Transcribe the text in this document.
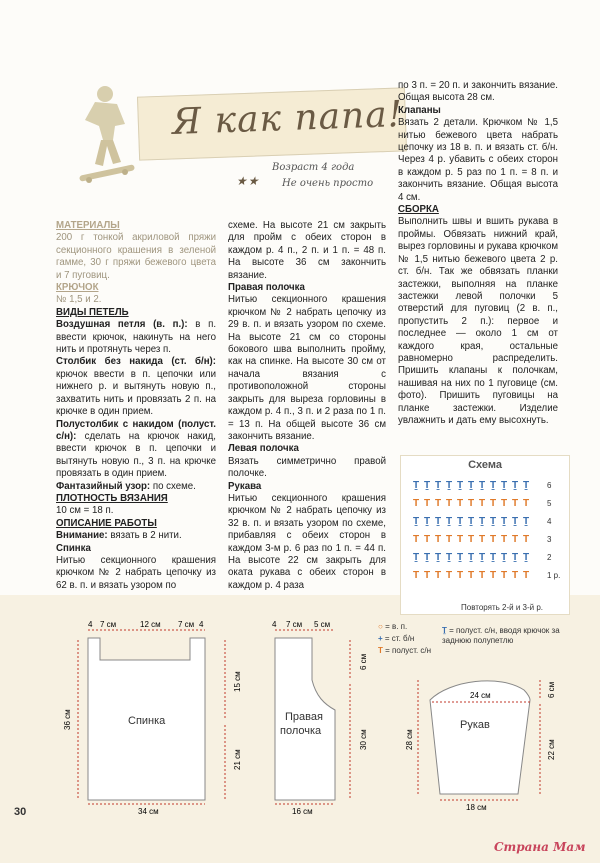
Я как папа!
Возраст 4 года
★★ Не очень просто
МАТЕРИАЛЫ
200 г тонкой акриловой пряжи секционного крашения в зеленой гамме, 30 г пряжи бежевого цвета и 7 пуговиц.
КРЮЧОК
№ 1,5 и 2.
ВИДЫ ПЕТЕЛЬ
Воздушная петля (в. п.): в п. ввести крючок, накинуть на него нить и протянуть через п.
Столбик без накида (ст. б/н): крючок ввести в п. цепочки или нижнего р. и вытянуть новую п., захватить нить и провязать 2 п. на крючке в один прием.
Полустолбик с накидом (полуст. с/н): сделать на крючок накид, ввести крючок в п. цепочки и вытянуть новую п., 3 п. на крючке провязать в один прием.
Фантазийный узор: по схеме.
ПЛОТНОСТЬ ВЯЗАНИЯ
10 см = 18 п.
ОПИСАНИЕ РАБОТЫ
Внимание: вязать в 2 нити.
Спинка
Нитью секционного крашения крючком № 2 набрать цепочку из 62 в. п. и вязать узором по
схеме. На высоте 21 см закрыть для пройм с обеих сторон в каждом р. 4 п., 2 п. и 1 п. = 48 п. На высоте 36 см закончить вязание.
Правая полочка
Нитью секционного крашения крючком № 2 набрать цепочку из 29 в. п. и вязать узором по схеме. На высоте 21 см со стороны бокового шва выполнить пройму, как на спинке. На высоте 30 см от начала вязания с противоположной стороны закрыть для выреза горловины в каждом р. 4 п., 3 п. и 2 раза по 1 п. = 13 п. На общей высоте 36 см закончить вязание.
Левая полочка
Вязать симметрично правой полочке.
Рукава
Нитью секционного крашения крючком № 2 набрать цепочку из 32 в. п. и вязать узором по схеме, прибавляя с обеих сторон в каждом 3-м р. 6 раз по 1 п. = 44 п. На высоте 22 см закрыть для оката рукава с обеих сторон в каждом р. 4 раза
по 3 п. = 20 п. и закончить вязание. Общая высота 28 см.
Клапаны
Вязать 2 детали. Крючком № 1,5 нитью бежевого цвета набрать цепочку из 18 в. п. и вязать ст. б/н. Через 4 р. убавить с обеих сторон в каждом р. 5 раз по 1 п. = 8 п. и закончить вязание. Общая высота 4 см.
СБОРКА
Выполнить швы и вшить рукава в проймы. Обвязать нижний край, вырез горловины и рукава крючком № 1,5 нитью бежевого цвета 2 р. ст. б/н. Так же обвязать планки застежки, выполняя на планке застежки левой полочки 5 отверстий для пуговиц (2 в. п., пропустить 2 п.): первое и последнее — около 1 см от каждого края, остальные равномерно распределить. Пришить клапаны к полочкам, нашивая на них по 1 пуговице (см. фото). Пришить пуговицы на планке застежки. Изделие увлажнить и дать ему высохнуть.
Схема
Ṯ Ṯ Ṯ Ṯ Ṯ Ṯ Ṯ Ṯ Ṯ Ṯ Ṯ 6
T T T T T T T T T T T 5
Ṯ Ṯ Ṯ Ṯ Ṯ Ṯ Ṯ Ṯ Ṯ Ṯ Ṯ 4
T T T T T T T T T T T 3
Ṯ Ṯ Ṯ Ṯ Ṯ Ṯ Ṯ Ṯ Ṯ Ṯ Ṯ 2
T T T T T T T T T T T 1 р.
Повторять 2-й и 3-й р.
○ = в. п.
+ = ст. б/н
T = полуст. с/н
Ṯ = полуст. с/н, вводя крючок за заднюю полупетлю
4 7 см	12 см 7 см 4
Спинка
36 см
15 см
21 см
34 см
4 7 см 5 см
Правая
полочка
6 см
30 см
16 см
24 см
Рукав
28 см
6 см
22 см
18 см
30
Страна Мам
